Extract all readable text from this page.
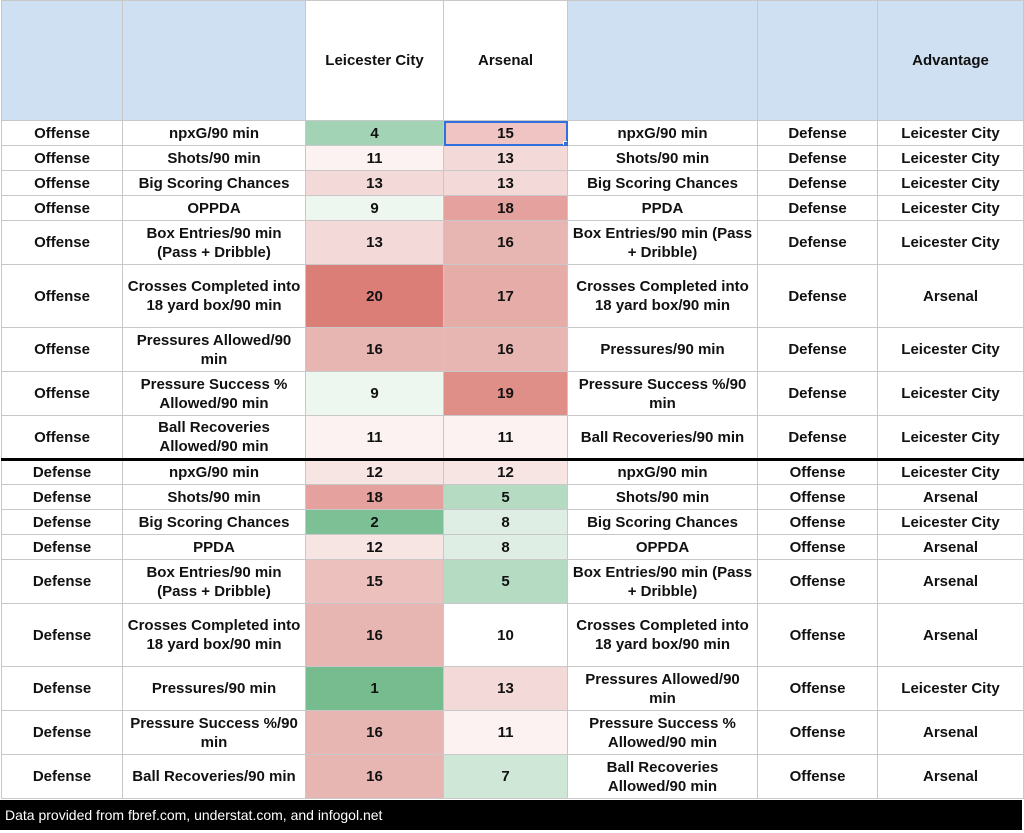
		Leicester City	Arsenal			Advantage
Offense	npxG/90 min	4	15	npxG/90 min	Defense	Leicester City
Offense	Shots/90 min	11	13	Shots/90 min	Defense	Leicester City
Offense	Big Scoring Chances	13	13	Big Scoring Chances	Defense	Leicester City
Offense	OPPDA	9	18	PPDA	Defense	Leicester City
Offense	Box Entries/90 min (Pass + Dribble)	13	16	Box Entries/90 min (Pass + Dribble)	Defense	Leicester City
Offense	Crosses Completed into 18 yard box/90 min	20	17	Crosses Completed into 18 yard box/90 min	Defense	Arsenal
Offense	Pressures Allowed/90 min	16	16	Pressures/90 min	Defense	Leicester City
Offense	Pressure Success % Allowed/90 min	9	19	Pressure Success %/90 min	Defense	Leicester City
Offense	Ball Recoveries Allowed/90 min	11	11	Ball Recoveries/90 min	Defense	Leicester City
Defense	npxG/90 min	12	12	npxG/90 min	Offense	Leicester City
Defense	Shots/90 min	18	5	Shots/90 min	Offense	Arsenal
Defense	Big Scoring Chances	2	8	Big Scoring Chances	Offense	Leicester City
Defense	PPDA	12	8	OPPDA	Offense	Arsenal
Defense	Box Entries/90 min (Pass + Dribble)	15	5	Box Entries/90 min (Pass + Dribble)	Offense	Arsenal
Defense	Crosses Completed into 18 yard box/90 min	16	10	Crosses Completed into 18 yard box/90 min	Offense	Arsenal
Defense	Pressures/90 min	1	13	Pressures Allowed/90 min	Offense	Leicester City
Defense	Pressure Success %/90 min	16	11	Pressure Success % Allowed/90 min	Offense	Arsenal
Defense	Ball Recoveries/90 min	16	7	Ball Recoveries Allowed/90 min	Offense	Arsenal
Data provided from fbref.com, understat.com, and infogol.net
